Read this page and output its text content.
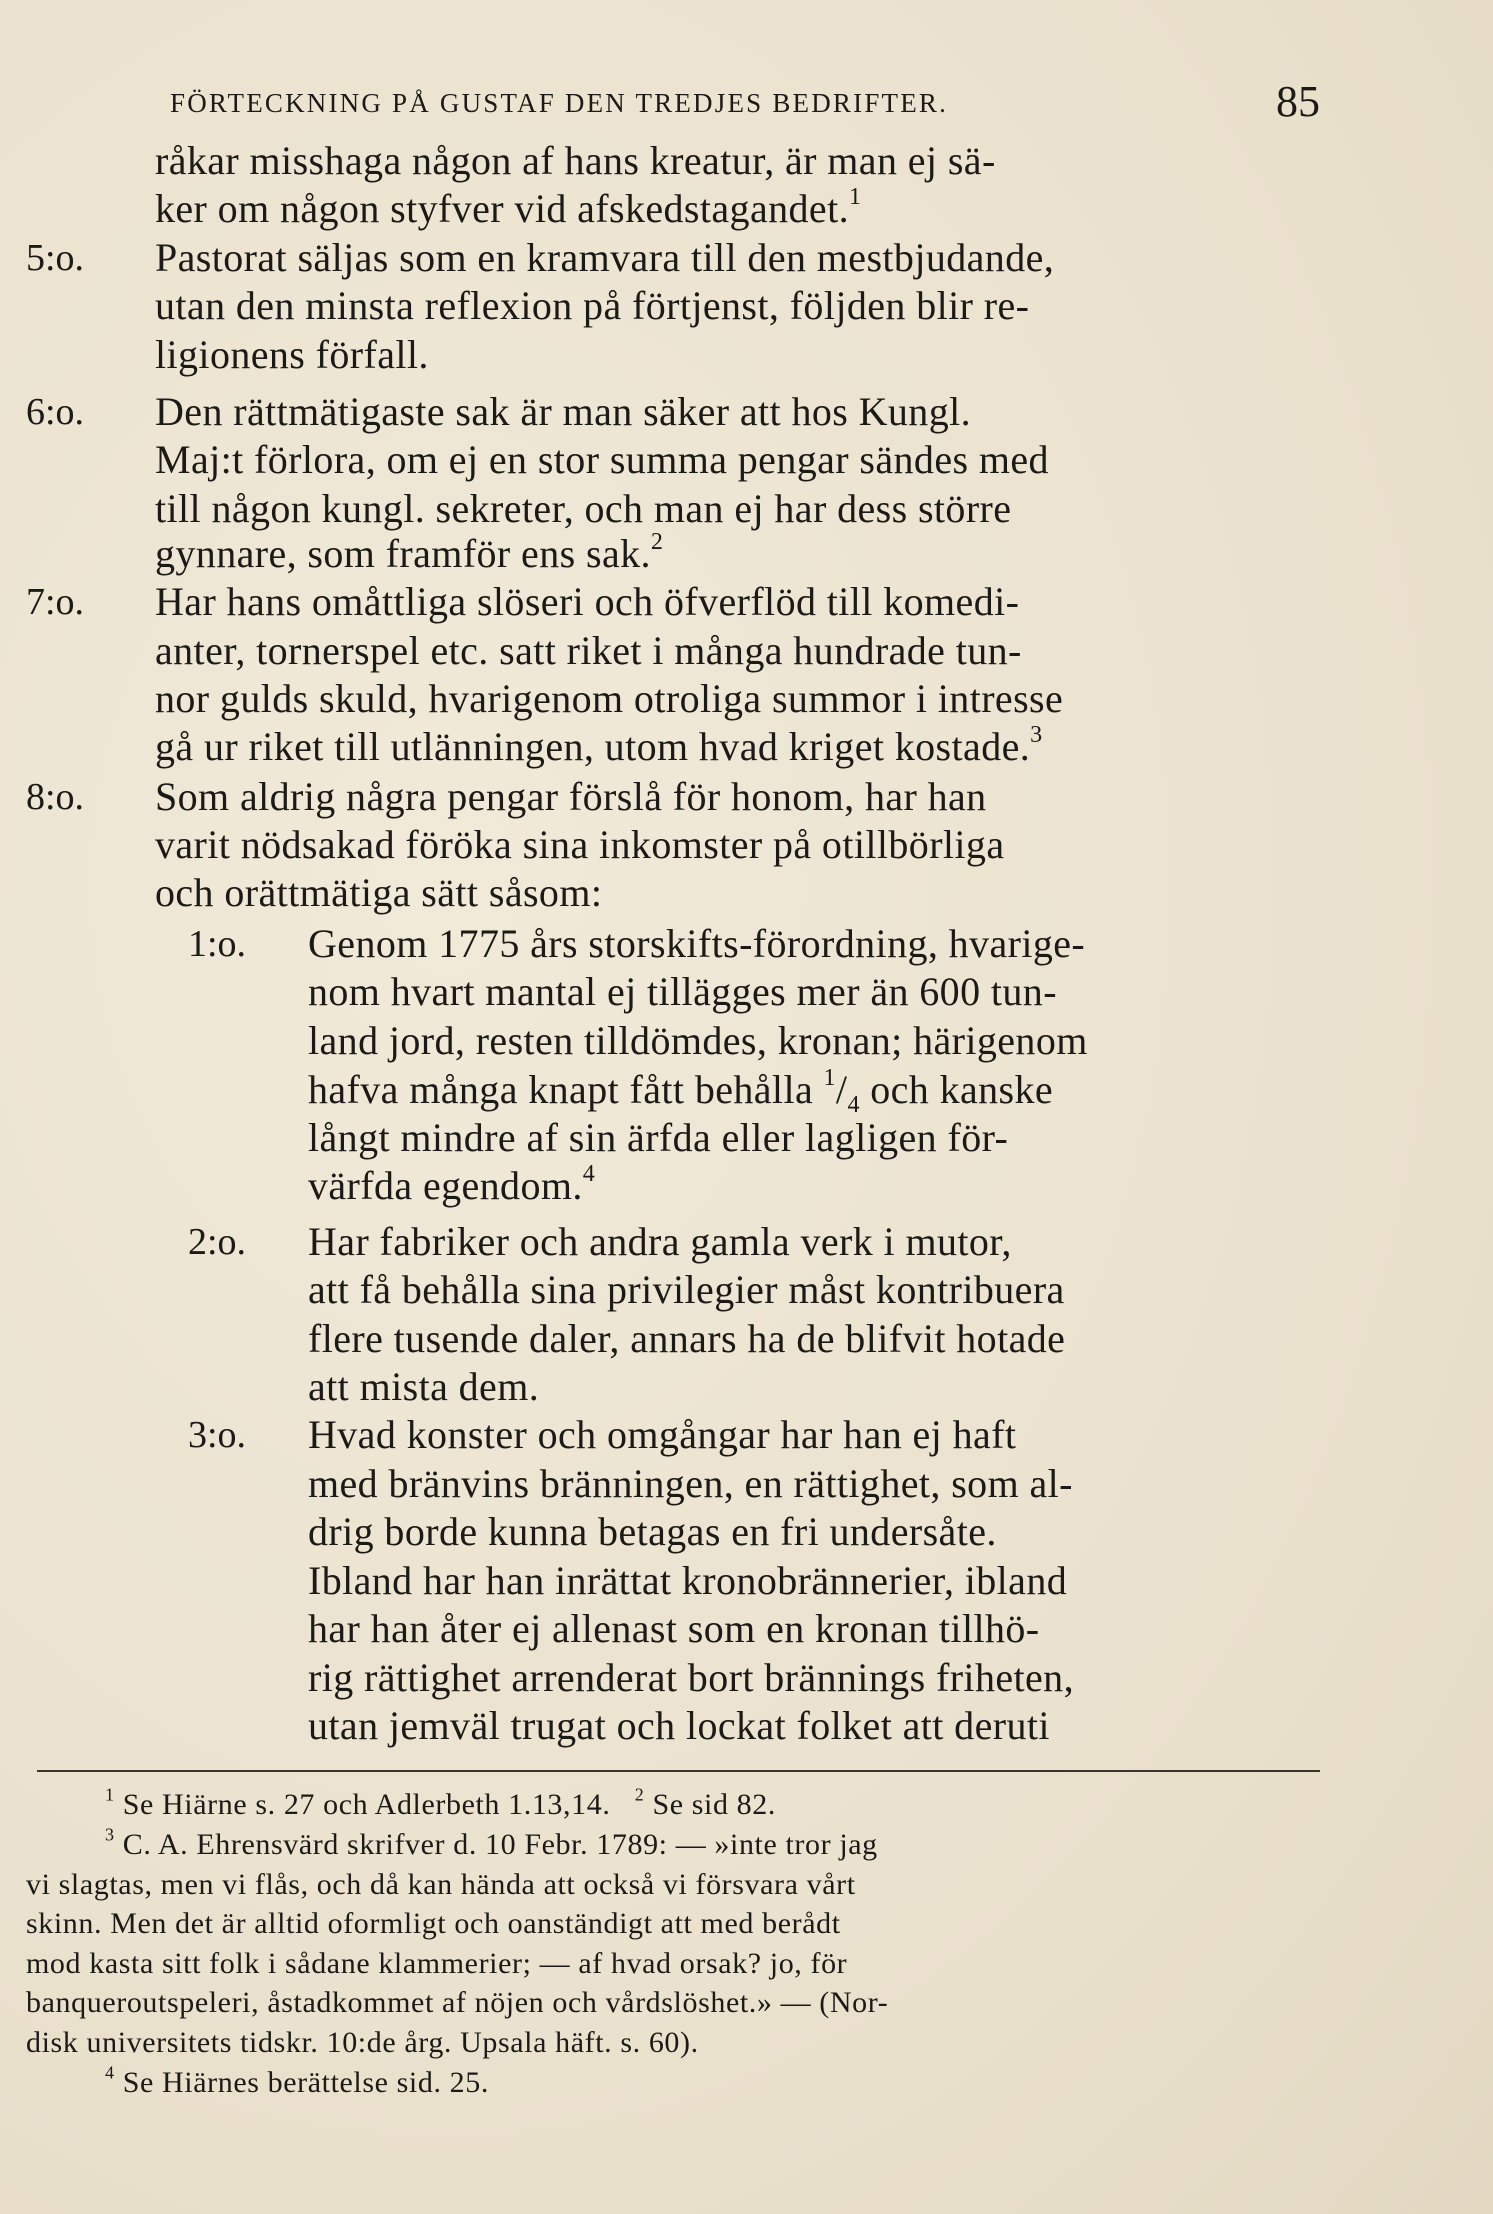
FÖRTECKNING PÅ GUSTAF DEN TREDJES BEDRIFTER.	85
5:o.
6:o.
7:o.
8:o.
1:o.
2:o.
3:o.
råkar misshaga någon af hans kreatur, är man ej sä-
ker om någon styfver vid afskedstagandet.$^1$
Pastorat säljas som en kramvara till den mestbjudande,
utan den minsta reflexion på förtjenst, följden blir re-
ligionens förfall.
Den rättmätigaste sak är man säker att hos Kungl.
Maj:t förlora, om ej en stor summa pengar sändes med
till någon kungl. sekreter, och man ej har dess större
gynnare, som framför ens sak.$^2$
Har hans omåttliga slöseri och öfverflöd till komedi-
anter, tornerspel etc. satt riket i många hundrade tun-
nor gulds skuld, hvarigenom otroliga summor i intresse
gå ur riket till utlänningen, utom hvad kriget kostade.$^3$
Som aldrig några pengar förslå för honom, har han
varit nödsakad föröka sina inkomster på otillbörliga
och orättmätiga sätt såsom:
Genom 1775 års storskifts-förordning, hvarige-
nom hvart mantal ej tilläggеs mer än 600 tun-
land jord, resten tilldömdes, kronan; härigenom
hafva många knapt fått behålla $^1/_4$ och kanske
långt mindre af sin ärfda eller lagligen för-
värfda egendom.$^4$
Har fabriker och andra gamla verk i mutor,
att få behålla sina privilegier måst kontribuera
flere tusende daler, annars ha de blifvit hotade
att mista dem.
Hvad konster och omgångar har han ej haft
med bränvins bränningen, en rättighet, som al-
drig borde kunna betagas en fri undersåte.
Ibland har han inrättat kronobrännerier, ibland
har han åter ej allenast som en kronan tillhö-
rig rättighet arrenderat bort brännings friheten,
utan jemväl trugat och lockat folket att deruti
$^1$ Se Hiärne s. 27 och Adlerbeth 1.13,14. $^2$ Se sid 82.
$^3$ C. A. Ehrensvärd skrifver d. 10 Febr. 1789: — »inte tror jag
vi slagtas, men vi flås, och då kan hända att också vi försvara vårt
skinn. Men det är alltid oformligt och oanständigt att med berådt
mod kasta sitt folk i sådane klammerier; — af hvad orsak? jo, för
banqueroutspeleri, åstadkommet af nöjen och vårdslöshet.» — (Nor-
disk universitets tidskr. 10:de årg. Upsala häft. s. 60).
$^4$ Se Hiärnes berättelse sid. 25.
